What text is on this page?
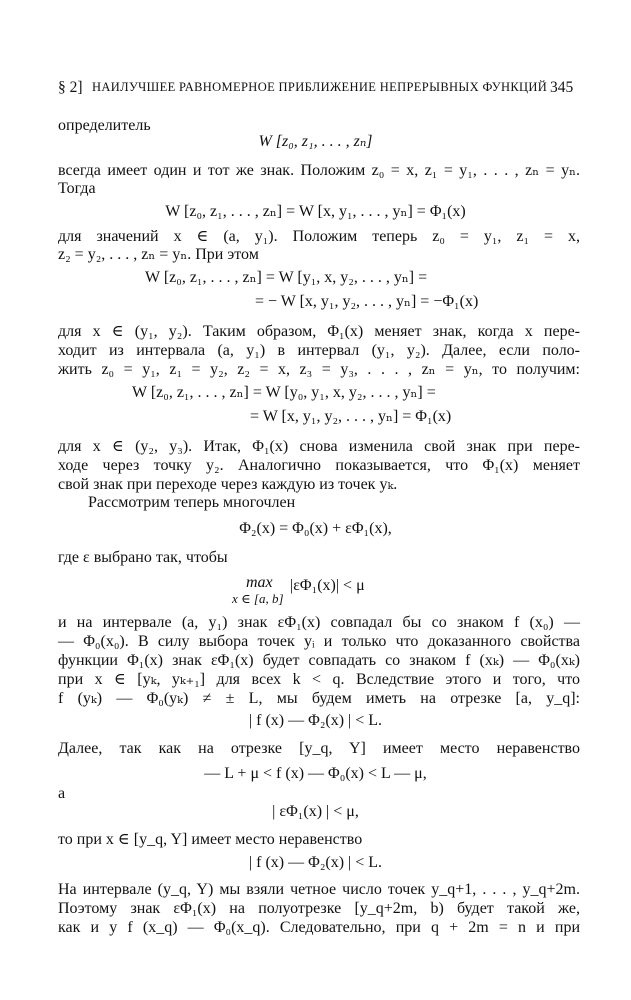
§ 2] НАИЛУЧШЕЕ РАВНОМЕРНОЕ ПРИБЛИЖЕНИЕ НЕПРЕРЫВНЫХ ФУНКЦИЙ 345
определитель
W [z₀, z₁, . . . , zₙ]
всегда имеет один и тот же знак. Положим z₀ = x, z₁ = y₁, . . . , zₙ = yₙ.
Тогда
W [z₀, z₁, . . . , zₙ] = W [x, y₁, . . . , yₙ] = Φ₁(x)
для значений x ∈ (a, y₁). Положим теперь z₀ = y₁, z₁ = x,
z₂ = y₂, . . . , zₙ = yₙ. При этом
W [z₀, z₁, . . . , zₙ] = W [y₁, x, y₂, . . . , yₙ] =
= − W [x, y₁, y₂, . . . , yₙ] = −Φ₁(x)
для x ∈ (y₁, y₂). Таким образом, Φ₁(x) меняет знак, когда x пере-
ходит из интервала (a, y₁) в интервал (y₁, y₂). Далее, если поло-
жить z₀ = y₁, z₁ = y₂, z₂ = x, z₃ = y₃, . . . , zₙ = yₙ, то получим:
W [z₀, z₁, . . . , zₙ] = W [y₀, y₁, x, y₂, . . . , yₙ] =
= W [x, y₁, y₂, . . . , yₙ] = Φ₁(x)
для x ∈ (y₂, y₃). Итак, Φ₁(x) снова изменила свой знак при пере-
ходе через точку y₂. Аналогично показывается, что Φ₁(x) меняет
свой знак при переходе через каждую из точек yₖ.
Рассмотрим теперь многочлен
Φ₂(x) = Φ₀(x) + εΦ₁(x),
где ε выбрано так, чтобы
max
x ∈ [a, b]
|εΦ₁(x)| < μ
и на интервале (a, y₁) знак εΦ₁(x) совпадал бы со знаком f (x₀) —
— Φ₀(x₀). В силу выбора точек yᵢ и только что доказанного свойства
функции Φ₁(x) знак εΦ₁(x) будет совпадать со знаком f (xₖ) — Φ₀(xₖ)
при x ∈ [yₖ, yₖ₊₁] для всех k < q. Вследствие этого и того, что
f (yₖ) — Φ₀(yₖ) ≠ ± L, мы будем иметь на отрезке [a, y_q]:
| f (x) — Φ₂(x) | < L.
Далее, так как на отрезке [y_q, Y] имеет место неравенство
— L + μ < f (x) — Φ₀(x) < L — μ,
а
| εΦ₁(x) | < μ,
то при x ∈ [y_q, Y] имеет место неравенство
| f (x) — Φ₂(x) | < L.
На интервале (y_q, Y) мы взяли четное число точек y_q+1, . . . , y_q+2m.
Поэтому знак εΦ₁(x) на полуотрезке [y_q+2m, b) будет такой же,
как и у f (x_q) — Φ₀(x_q). Следовательно, при q + 2m = n и при
